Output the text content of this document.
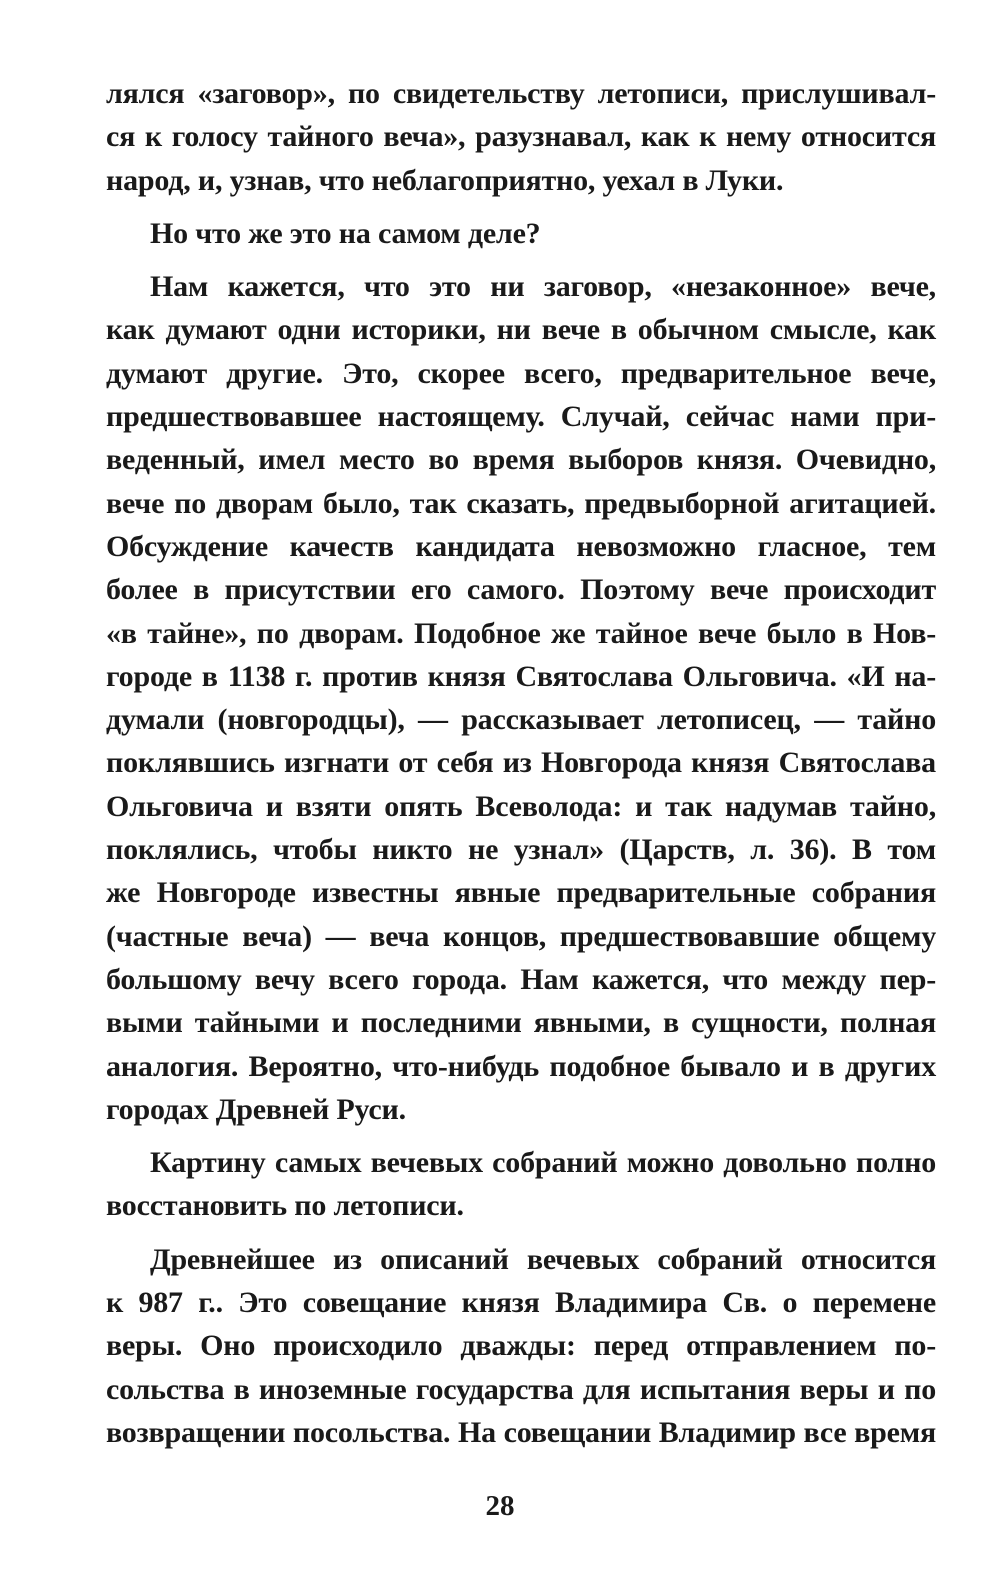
лялся «заговор», по свидетельству летописи, прислушивал-
ся к голосу тайного веча», разузнавал, как к нему относится
народ, и, узнав, что неблагоприятно, уехал в Луки.
Но что же это на самом деле?
Нам кажется, что это ни заговор, «незаконное» вече,
как думают одни историки, ни вече в обычном смысле, как
думают другие. Это, скорее всего, предварительное вече,
предшествовавшее настоящему. Случай, сейчас нами при-
веденный, имел место во время выборов князя. Очевидно,
вече по дворам было, так сказать, предвыборной агитацией.
Обсуждение качеств кандидата невозможно гласное, тем
более в присутствии его самого. Поэтому вече происходит
«в тайне», по дворам. Подобное же тайное вече было в Нов-
городе в 1138 г. против князя Святослава Ольговича. «И на-
думали (новгородцы), — рассказывает летописец, — тайно
поклявшись изгнати от себя из Новгорода князя Святослава
Ольговича и взяти опять Всеволода: и так надумав тайно,
поклялись, чтобы никто не узнал» (Царств, л. 36). В том
же Новгороде известны явные предварительные собрания
(частные веча) — веча концов, предшествовавшие общему
большому вечу всего города. Нам кажется, что между пер-
выми тайными и последними явными, в сущности, полная
аналогия. Вероятно, что-нибудь подобное бывало и в других
городах Древней Руси.
Картину самых вечевых собраний можно довольно полно
восстановить по летописи.
Древнейшее из описаний вечевых собраний относится
к 987 г.. Это совещание князя Владимира Св. о перемене
веры. Оно происходило дважды: перед отправлением по-
сольства в иноземные государства для испытания веры и по
возвращении посольства. На совещании Владимир все время
28
